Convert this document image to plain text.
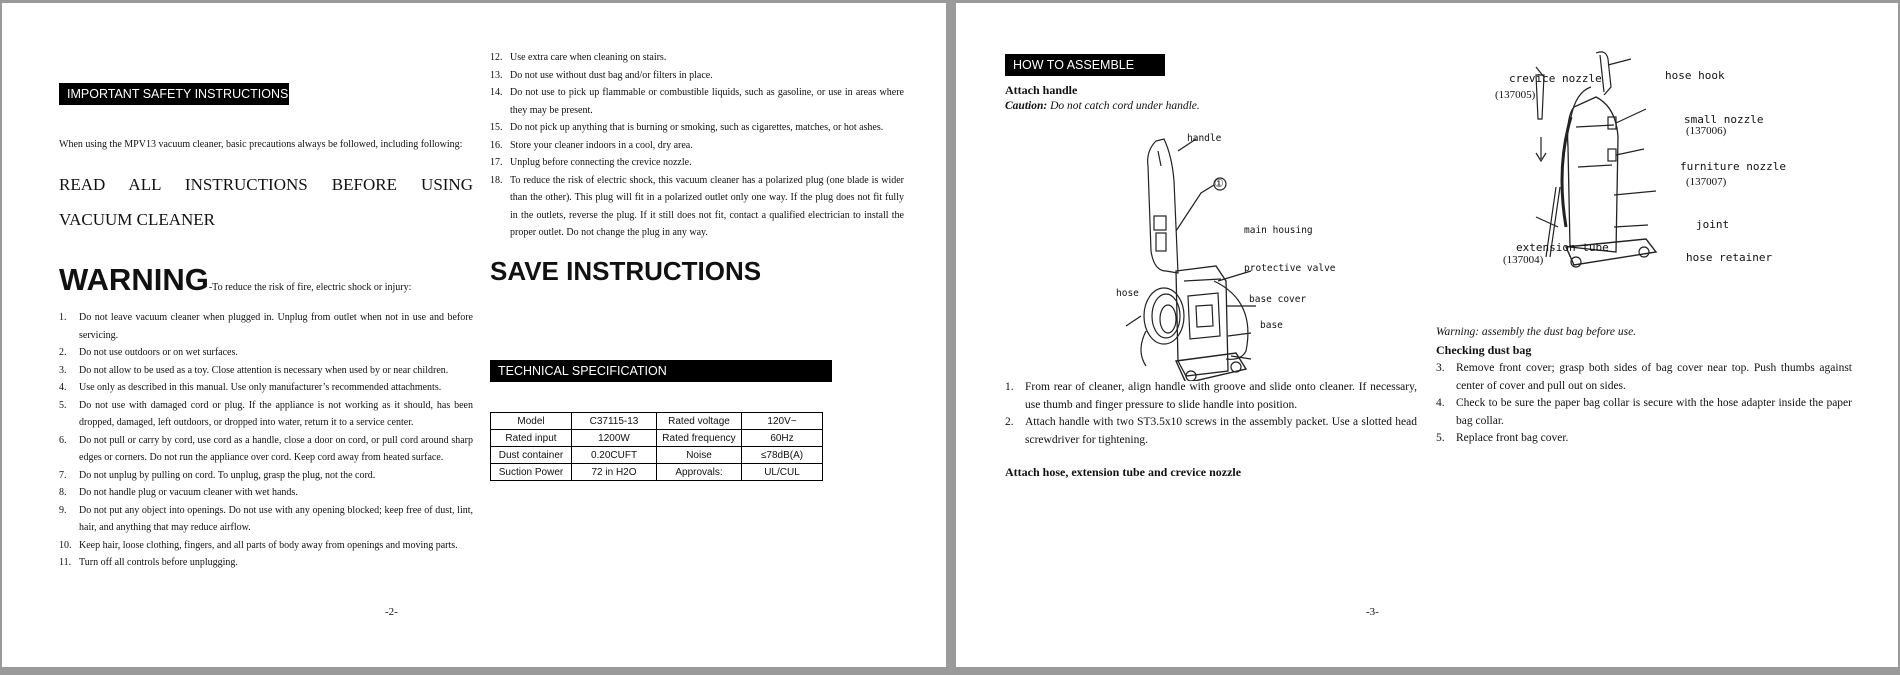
IMPORTANT SAFETY INSTRUCTIONS
When using the MPV13 vacuum cleaner, basic precautions always be followed, including following:
READ ALL INSTRUCTIONS BEFORE USING
VACUUM CLEANER
WARNING-To reduce the risk of fire, electric shock or injury:
1. Do not leave vacuum cleaner when plugged in. Unplug from outlet when not in use and before servicing.
2. Do not use outdoors or on wet surfaces.
3. Do not allow to be used as a toy. Close attention is necessary when used by or near children.
4. Use only as described in this manual. Use only manufacturer’s recommended attachments.
5. Do not use with damaged cord or plug. If the appliance is not working as it should, has been dropped, damaged, left outdoors, or dropped into water, return it to a service center.
6. Do not pull or carry by cord, use cord as a handle, close a door on cord, or pull cord around sharp edges or corners. Do not run the appliance over cord. Keep cord away from heated surface.
7. Do not unplug by pulling on cord. To unplug, grasp the plug, not the cord.
8. Do not handle plug or vacuum cleaner with wet hands.
9. Do not put any object into openings. Do not use with any opening blocked; keep free of dust, lint, hair, and anything that may reduce airflow.
10. Keep hair, loose clothing, fingers, and all parts of body away from openings and moving parts.
11. Turn off all controls before unplugging.
12. Use extra care when cleaning on stairs.
13. Do not use without dust bag and/or filters in place.
14. Do not use to pick up flammable or combustible liquids, such as gasoline, or use in areas where they may be present.
15. Do not pick up anything that is burning or smoking, such as cigarettes, matches, or hot ashes.
16. Store your cleaner indoors in a cool, dry area.
17. Unplug before connecting the crevice nozzle.
18. To reduce the risk of electric shock, this vacuum cleaner has a polarized plug (one blade is wider than the other). This plug will fit in a polarized outlet only one way. If the plug does not fit fully in the outlets, reverse the plug. If it still does not fit, contact a qualified electrician to install the proper outlet. Do not change the plug in any way.
SAVE INSTRUCTIONS
TECHNICAL SPECIFICATION
Model	C37115-13	Rated voltage	120V~
Rated input	1200W	Rated frequency	60Hz
Dust container	0.20CUFT	Noise	≤78dB(A)
Suction Power	72 in H2O	Approvals:	UL/CUL
-2-
HOW TO ASSEMBLE
Attach handle
Caution: Do not catch cord under handle.
handle
①
main housing
protective valve
hose
base cover
base
1. From rear of cleaner, align handle with groove and slide onto cleaner. If necessary, use thumb and finger pressure to slide handle into position.
2. Attach handle with two ST3.5x10 screws in the assembly packet. Use a slotted head screwdriver for tightening.
Attach hose, extension tube and crevice nozzle
crevice nozzle
(137005)
hose hook
small nozzle
(137006)
furniture nozzle
(137007)
joint
extension tube
(137004)	hose retainer
Warning: assembly the dust bag before use.
Checking dust bag
3. Remove front cover; grasp both sides of bag cover near top. Push thumbs against center of cover and pull out on sides.
4. Check to be sure the paper bag collar is secure with the hose adapter inside the paper bag collar.
5. Replace front bag cover.
-3-
